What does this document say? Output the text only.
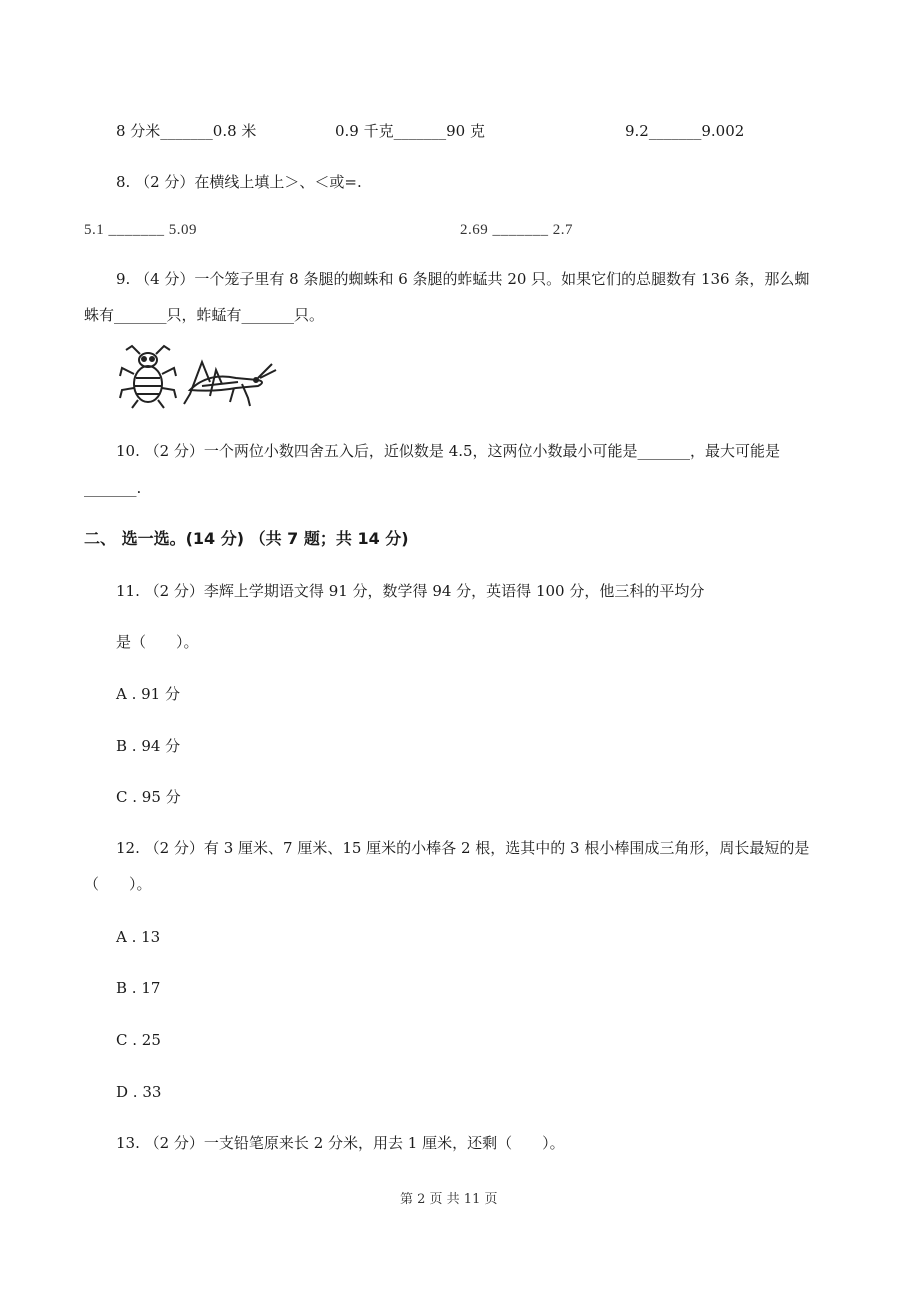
8 分米_______0.8 米	0.9 千克_______90 克	9.2_______9.002
8. （2 分）在横线上填上＞、＜或=.
5.1 _______ 5.09	2.69 _______ 2.7
9. （4 分）一个笼子里有 8 条腿的蜘蛛和 6 条腿的蚱蜢共 20 只。如果它们的总腿数有 136 条，那么蜘
蛛有_______只，蚱蜢有_______只。
10. （2 分）一个两位小数四舍五入后，近似数是 4.5，这两位小数最小可能是_______，最大可能是
_______.
二、 选一选。(14 分) （共 7 题；共 14 分)
11. （2 分）李辉上学期语文得 91 分，数学得 94 分，英语得 100 分，他三科的平均分
是（　　）。
A . 91 分
B . 94 分
C . 95 分
12. （2 分）有 3 厘米、7 厘米、15 厘米的小棒各 2 根，选其中的 3 根小棒围成三角形，周长最短的是
（　　）。
A . 13
B . 17
C . 25
D . 33
13. （2 分）一支铅笔原来长 2 分米，用去 1 厘米，还剩（　　）。
第 2 页 共 11 页
